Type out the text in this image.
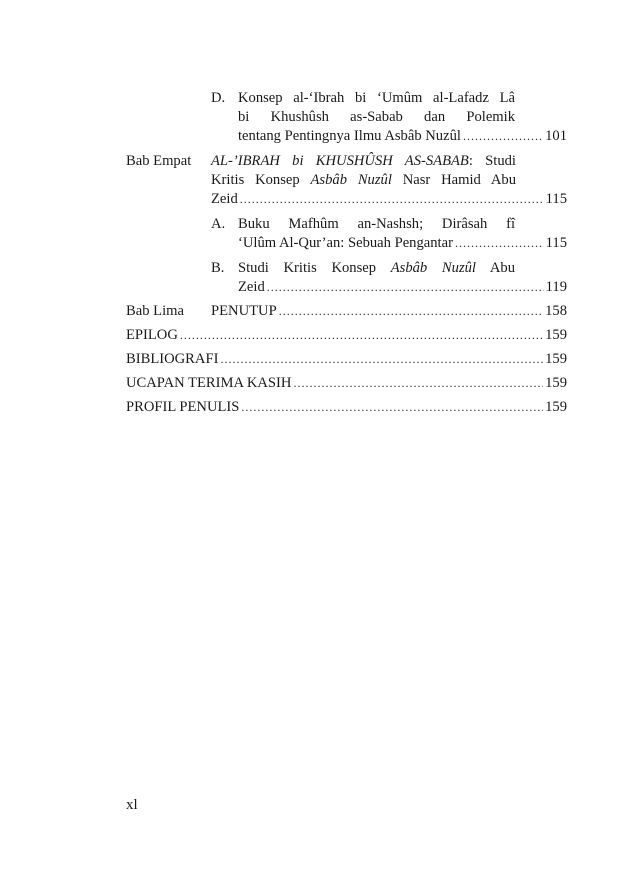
D. Konsep al-‘Ibrah bi ‘Umûm al-Lafadz Lâ
bi Khushûsh as-Sabab dan Polemik
tentang Pentingnya Ilmu Asbâb Nuzûl .....	101
Bab Empat AL-’IBRAH bi KHUSHÛSH AS-SABAB: Studi
Kritis Konsep Asbâb Nuzûl Nasr Hamid Abu
Zeid .....	115
A. Buku Mafhûm an-Nashsh; Dirâsah fî
‘Ulûm Al-Qur’an: Sebuah Pengantar .....	115
B. Studi Kritis Konsep Asbâb Nuzûl Abu
Zeid .....	119
Bab Lima PENUTUP .....	158
EPILOG .....	159
BIBLIOGRAFI .....	159
UCAPAN TERIMA KASIH .....	159
PROFIL PENULIS .....	159
xl
